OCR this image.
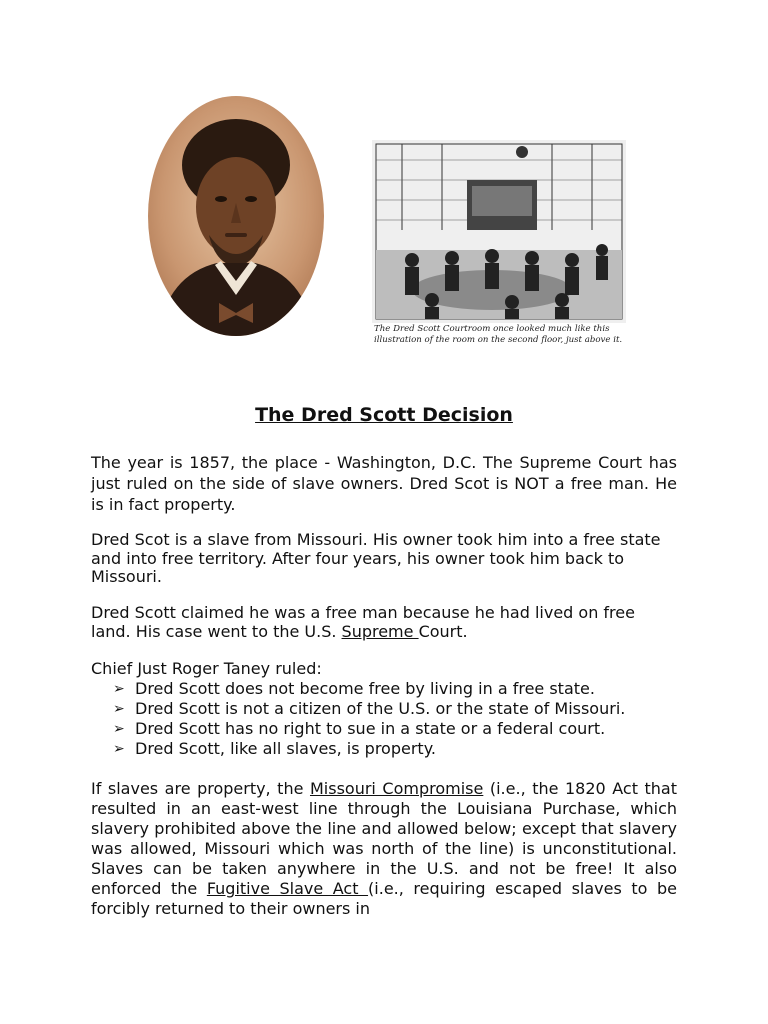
The Dred Scott Courtroom once looked much like this
illustration of the room on the second floor, just above it.
The Dred Scott Decision
The year is 1857, the place - Washington, D.C. The Supreme Court has just ruled on the side of slave owners. Dred Scot is NOT a free man. He is in fact property.
Dred Scot is a slave from Missouri. His owner took him into a free state and into free territory. After four years, his owner took him back to Missouri.
Dred Scott claimed he was a free man because he had lived on free land. His case went to the U.S. Supreme Court.
Chief Just Roger Taney ruled:
➢ Dred Scott does not become free by living in a free state.
➢ Dred Scott is not a citizen of the U.S. or the state of Missouri.
➢ Dred Scott has no right to sue in a state or a federal court.
➢ Dred Scott, like all slaves, is property.
If slaves are property, the Missouri Compromise (i.e., the 1820 Act that resulted in an east-west line through the Louisiana Purchase, which slavery prohibited above the line and allowed below; except that slavery was allowed, Missouri which was north of the line) is unconstitutional. Slaves can be taken anywhere in the U.S. and not be free! It also enforced the Fugitive Slave Act (i.e., requiring escaped slaves to be forcibly returned to their owners in
